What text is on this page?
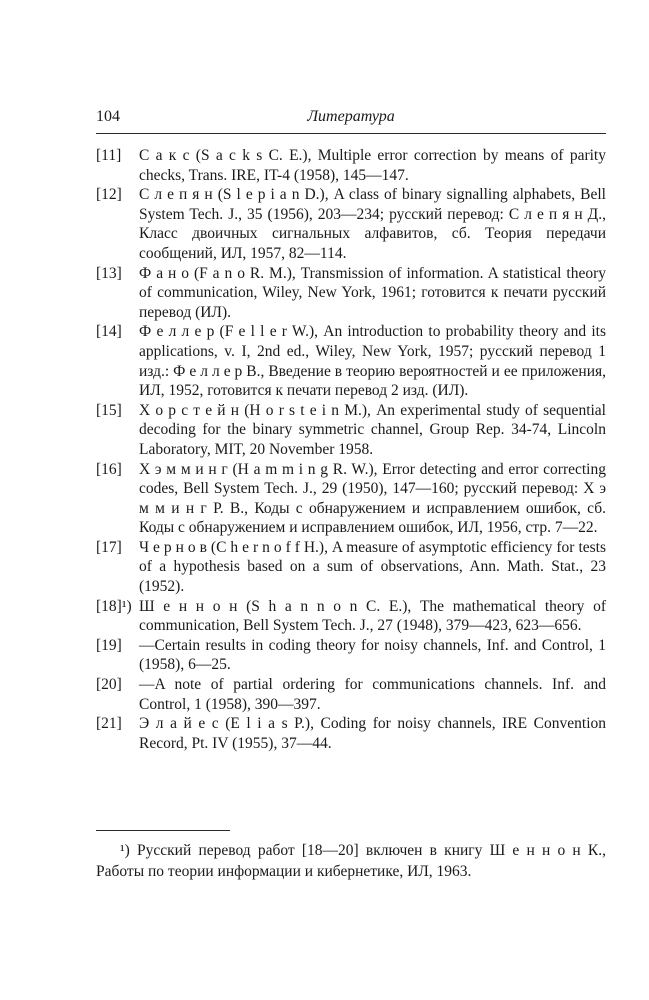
104	Литература
[11] С а к с (S a c k s C. E.), Multiple error correction by means of parity checks, Trans. IRE, IT-4 (1958), 145—147.
[12] С л е п я н (S l e p i a n D.), A class of binary signalling alphabets, Bell System Tech. J., 35 (1956), 203—234; русский перевод: С л е п я н Д., Класс двоичных сигнальных алфавитов, сб. Теория передачи сообщений, ИЛ, 1957, 82—114.
[13] Ф а н о (F a n o R. M.), Transmission of information. A statistical theory of communication, Wiley, New York, 1961; готовится к печати русский перевод (ИЛ).
[14] Ф е л л е р (F e l l e r W.), An introduction to probability theory and its applications, v. I, 2nd ed., Wiley, New York, 1957; русский перевод 1 изд.: Ф е л л е р В., Введение в теорию вероятностей и ее приложения, ИЛ, 1952, готовится к печати перевод 2 изд. (ИЛ).
[15] Х о р с т е й н (H o r s t e i n M.), An experimental study of sequential decoding for the binary symmetric channel, Group Rep. 34-74, Lincoln Laboratory, MIT, 20 November 1958.
[16] Х э м м и н г (H a m m i n g R. W.), Error detecting and error correcting codes, Bell System Tech. J., 29 (1950), 147—160; русский перевод: Х э м м и н г Р. В., Коды с обнаружением и исправлением ошибок, сб. Коды с обнаружением и исправлением ошибок, ИЛ, 1956, стр. 7—22.
[17] Ч е р н о в (C h e r n o f f H.), A measure of asymptotic efficiency for tests of a hypothesis based on a sum of observations, Ann. Math. Stat., 23 (1952).
[18]¹) Ш е н н о н (S h a n n o n C. E.), The mathematical theory of communication, Bell System Tech. J., 27 (1948), 379—423, 623—656.
[19] —Certain results in coding theory for noisy channels, Inf. and Control, 1 (1958), 6—25.
[20] —A note of partial ordering for communications channels. Inf. and Control, 1 (1958), 390—397.
[21] Э л а й е с (E l i a s P.), Coding for noisy channels, IRE Convention Record, Pt. IV (1955), 37—44.

¹) Русский перевод работ [18—20] включен в книгу Ш е н н о н К., Работы по теории информации и кибернетике, ИЛ, 1963.
